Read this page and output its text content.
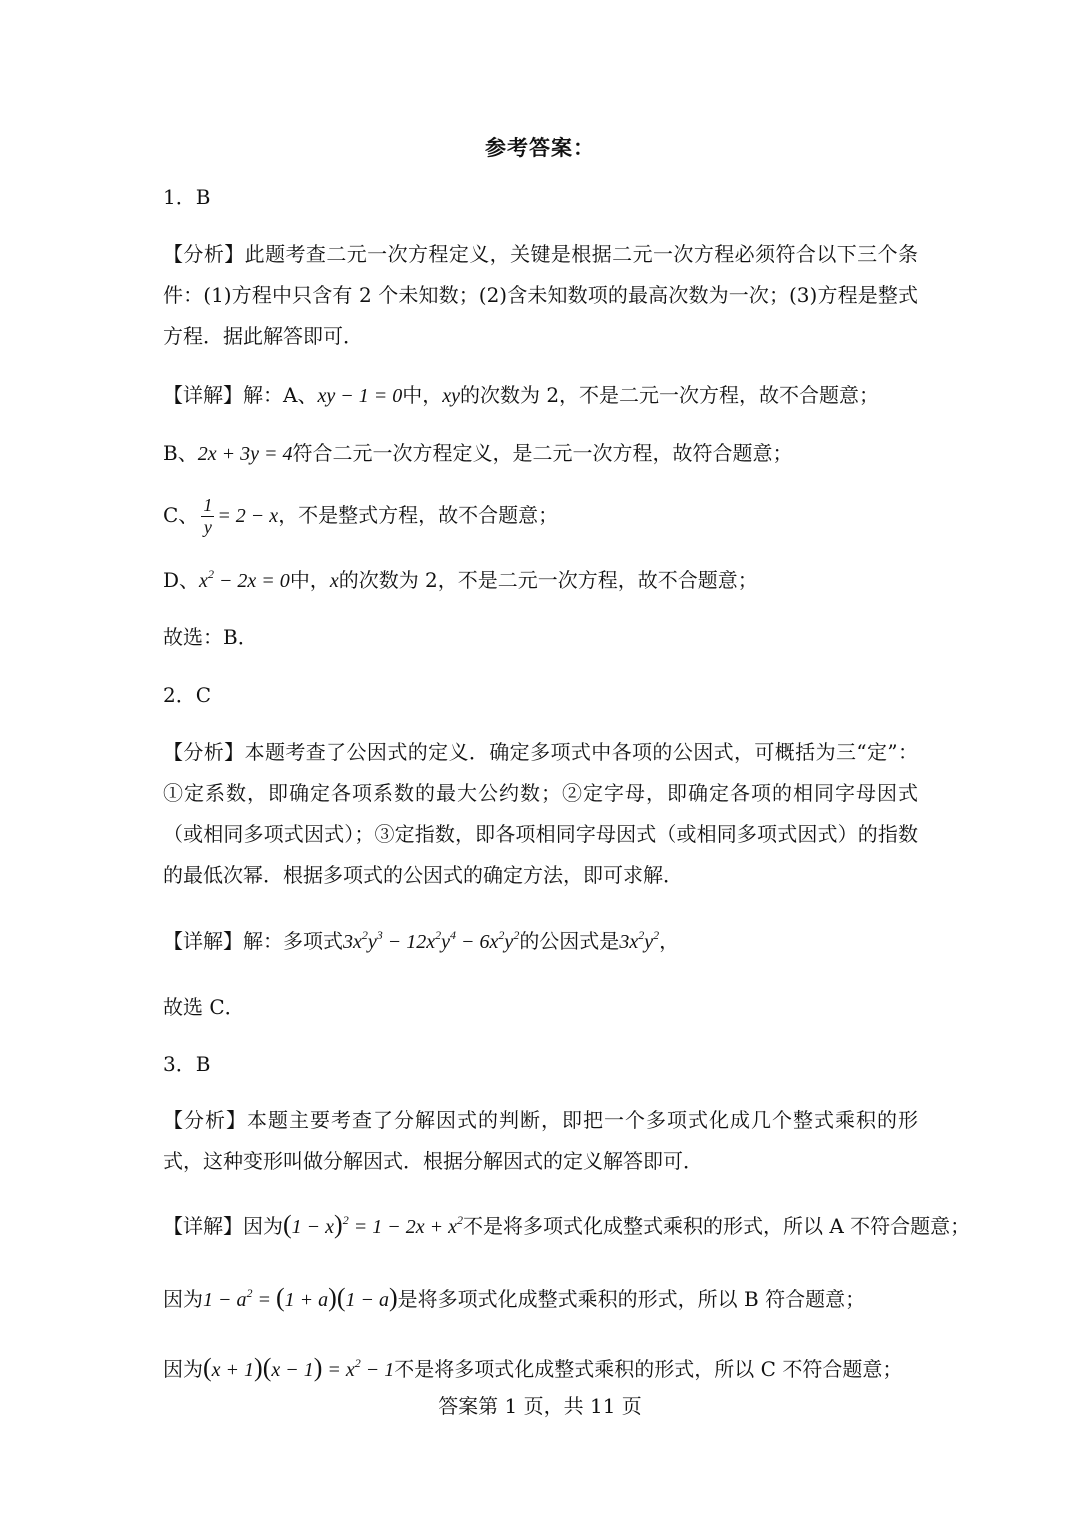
参考答案：
1．B
【分析】此题考查二元一次方程定义，关键是根据二元一次方程必须符合以下三个条件：(1)方程中只含有 2 个未知数；(2)含未知数项的最高次数为一次；(3)方程是整式方程．据此解答即可．
【详解】解：A、xy − 1 = 0中，xy的次数为 2，不是二元一次方程，故不合题意；
B、2x + 3y = 4符合二元一次方程定义，是二元一次方程，故符合题意；
C、 $\frac{1}{y} = 2 - x$，不是整式方程，故不合题意；
D、$x^2 - 2x = 0$中，x的次数为 2，不是二元一次方程，故不合题意；
故选：B．
2．C
【分析】本题考查了公因式的定义．确定多项式中各项的公因式，可概括为三“定”：①定系数，即确定各项系数的最大公约数；②定字母，即确定各项的相同字母因式（或相同多项式因式）；③定指数，即各项相同字母因式（或相同多项式因式）的指数的最低次幂．根据多项式的公因式的确定方法，即可求解．
【详解】解：多项式$3x^2y^3 - 12x^2y^4 - 6x^2y^2$的公因式是$3x^2y^2$，
故选 C．
3．B
【分析】本题主要考查了分解因式的判断，即把一个多项式化成几个整式乘积的形式，这种变形叫做分解因式．根据分解因式的定义解答即可．
【详解】因为$(1 - x)^2 = 1 - 2x + x^2$不是将多项式化成整式乘积的形式，所以 A 不符合题意；
因为$1 - a^2 = (1 + a)(1 - a)$是将多项式化成整式乘积的形式，所以 B 符合题意；
因为$(x + 1)(x - 1) = x^2 - 1$不是将多项式化成整式乘积的形式，所以 C 不符合题意；
答案第 1 页，共 11 页
